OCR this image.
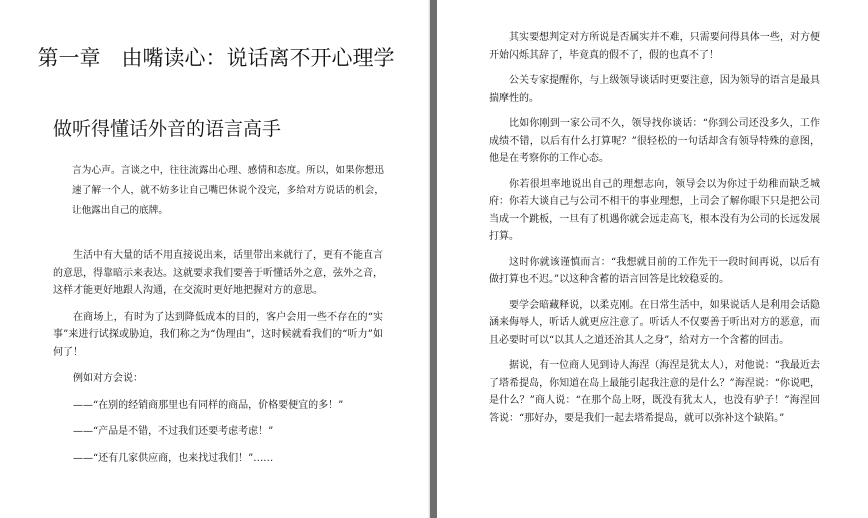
第一章　由嘴读心：说话离不开心理学
做听得懂话外音的语言高手

言为心声。言谈之中，往往流露出心理、感情和态度。所以，如果你想迅速了解一个人，就不妨多让自己嘴巴休说个没完，多给对方说话的机会，让他露出自己的底牌。

生活中有大量的话不用直接说出来，话里带出来就行了，更有不能直言的意思，得靠暗示来表达。这就要求我们要善于听懂话外之意，弦外之音，这样才能更好地跟人沟通，在交流时更好地把握对方的意思。

在商场上，有时为了达到降低成本的目的，客户会用一些不存在的“实事”来进行试探或胁迫，我们称之为“伪理由”，这时候就看我们的“听力”如何了！

例如对方会说：

——“在别的经销商那里也有同样的商品，价格要便宜的多！”

——“产品是不错，不过我们还要考虑考虑！”

——“还有几家供应商，也来找过我们！”……

其实要想判定对方所说是否属实并不难，只需要问得具体一些，对方便开始闪烁其辞了，毕竟真的假不了，假的也真不了！

公关专家提醒你，与上级领导谈话时更要注意，因为领导的语言是最具揣摩性的。

比如你刚到一家公司不久，领导找你谈话：“你到公司还没多久，工作成绩不错，以后有什么打算呢？”很轻松的一句话却含有领导特殊的意图，他是在考察你的工作心态。

你若很坦率地说出自己的理想志向，领导会以为你过于幼稚而缺乏城府：你若大谈自己与公司不相干的事业理想，上司会了解你眼下只是把公司当成一个跳板，一旦有了机遇你就会远走高飞，根本没有为公司的长远发展打算。

这时你就该谨慎而言：“我想就目前的工作先干一段时间再说，以后有做打算也不迟。”以这种含蓄的语言回答是比较稳妥的。

要学会暗藏释说，以柔克刚。在日常生活中，如果说话人是利用会话隐涵来侮辱人，听话人就更应注意了。听话人不仅要善于听出对方的恶意，而且必要时可以“以其人之道还治其人之身”，给对方一个含蓄的回击。

据说，有一位商人见到诗人海涅（海涅是犹太人），对他说：“我最近去了塔希提岛，你知道在岛上最能引起我注意的是什么？”海涅说：“你说吧，是什么？”商人说：“在那个岛上呀，既没有犹太人，也没有驴子！”海涅回答说：“那好办，要是我们一起去塔希提岛，就可以弥补这个缺陷。”
